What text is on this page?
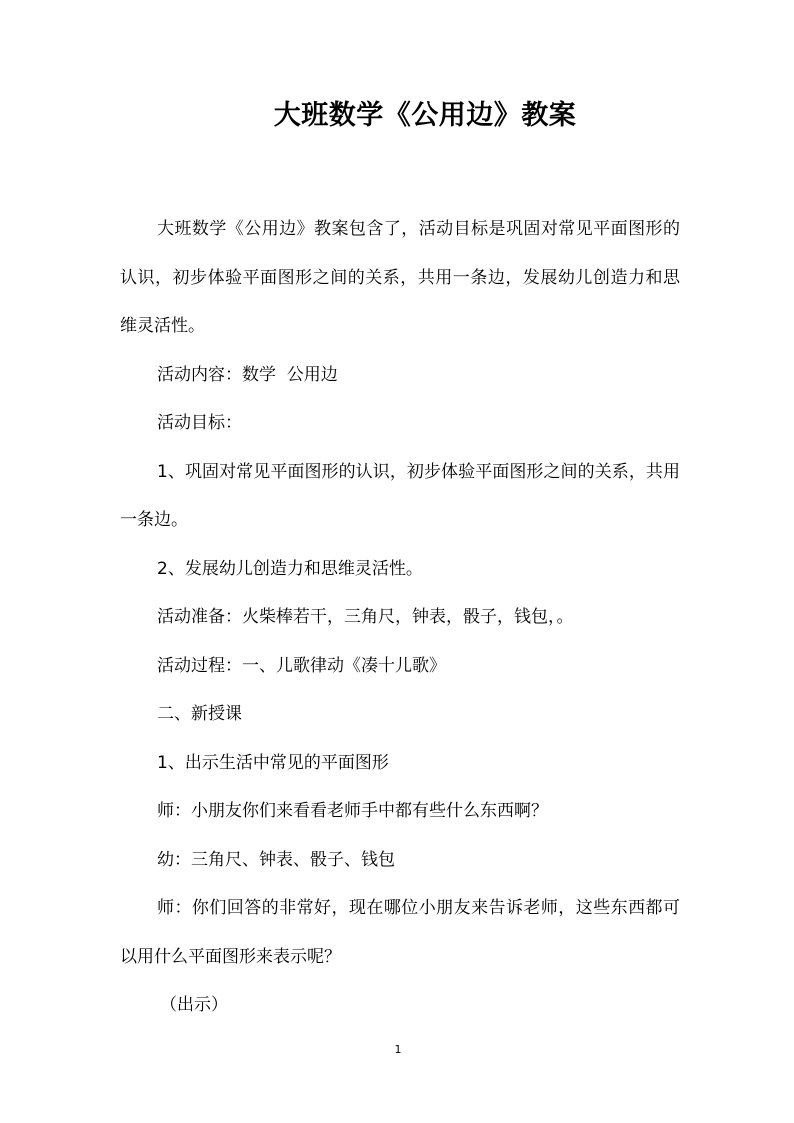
大班数学《公用边》教案

大班数学《公用边》教案包含了，活动目标是巩固对常见平面图形的认识，初步体验平面图形之间的关系，共用一条边，发展幼儿创造力和思维灵活性。

活动内容：数学  公用边

活动目标：

1、巩固对常见平面图形的认识，初步体验平面图形之间的关系，共用一条边。

2、发展幼儿创造力和思维灵活性。

活动准备：火柴棒若干，三角尺，钟表，骰子，钱包，。

活动过程：一、儿歌律动《凑十儿歌》

二、新授课

1、出示生活中常见的平面图形

师：小朋友你们来看看老师手中都有些什么东西啊？

幼：三角尺、钟表、骰子、钱包

师：你们回答的非常好，现在哪位小朋友来告诉老师，这些东西都可以用什么平面图形来表示呢？

（出示）

1
